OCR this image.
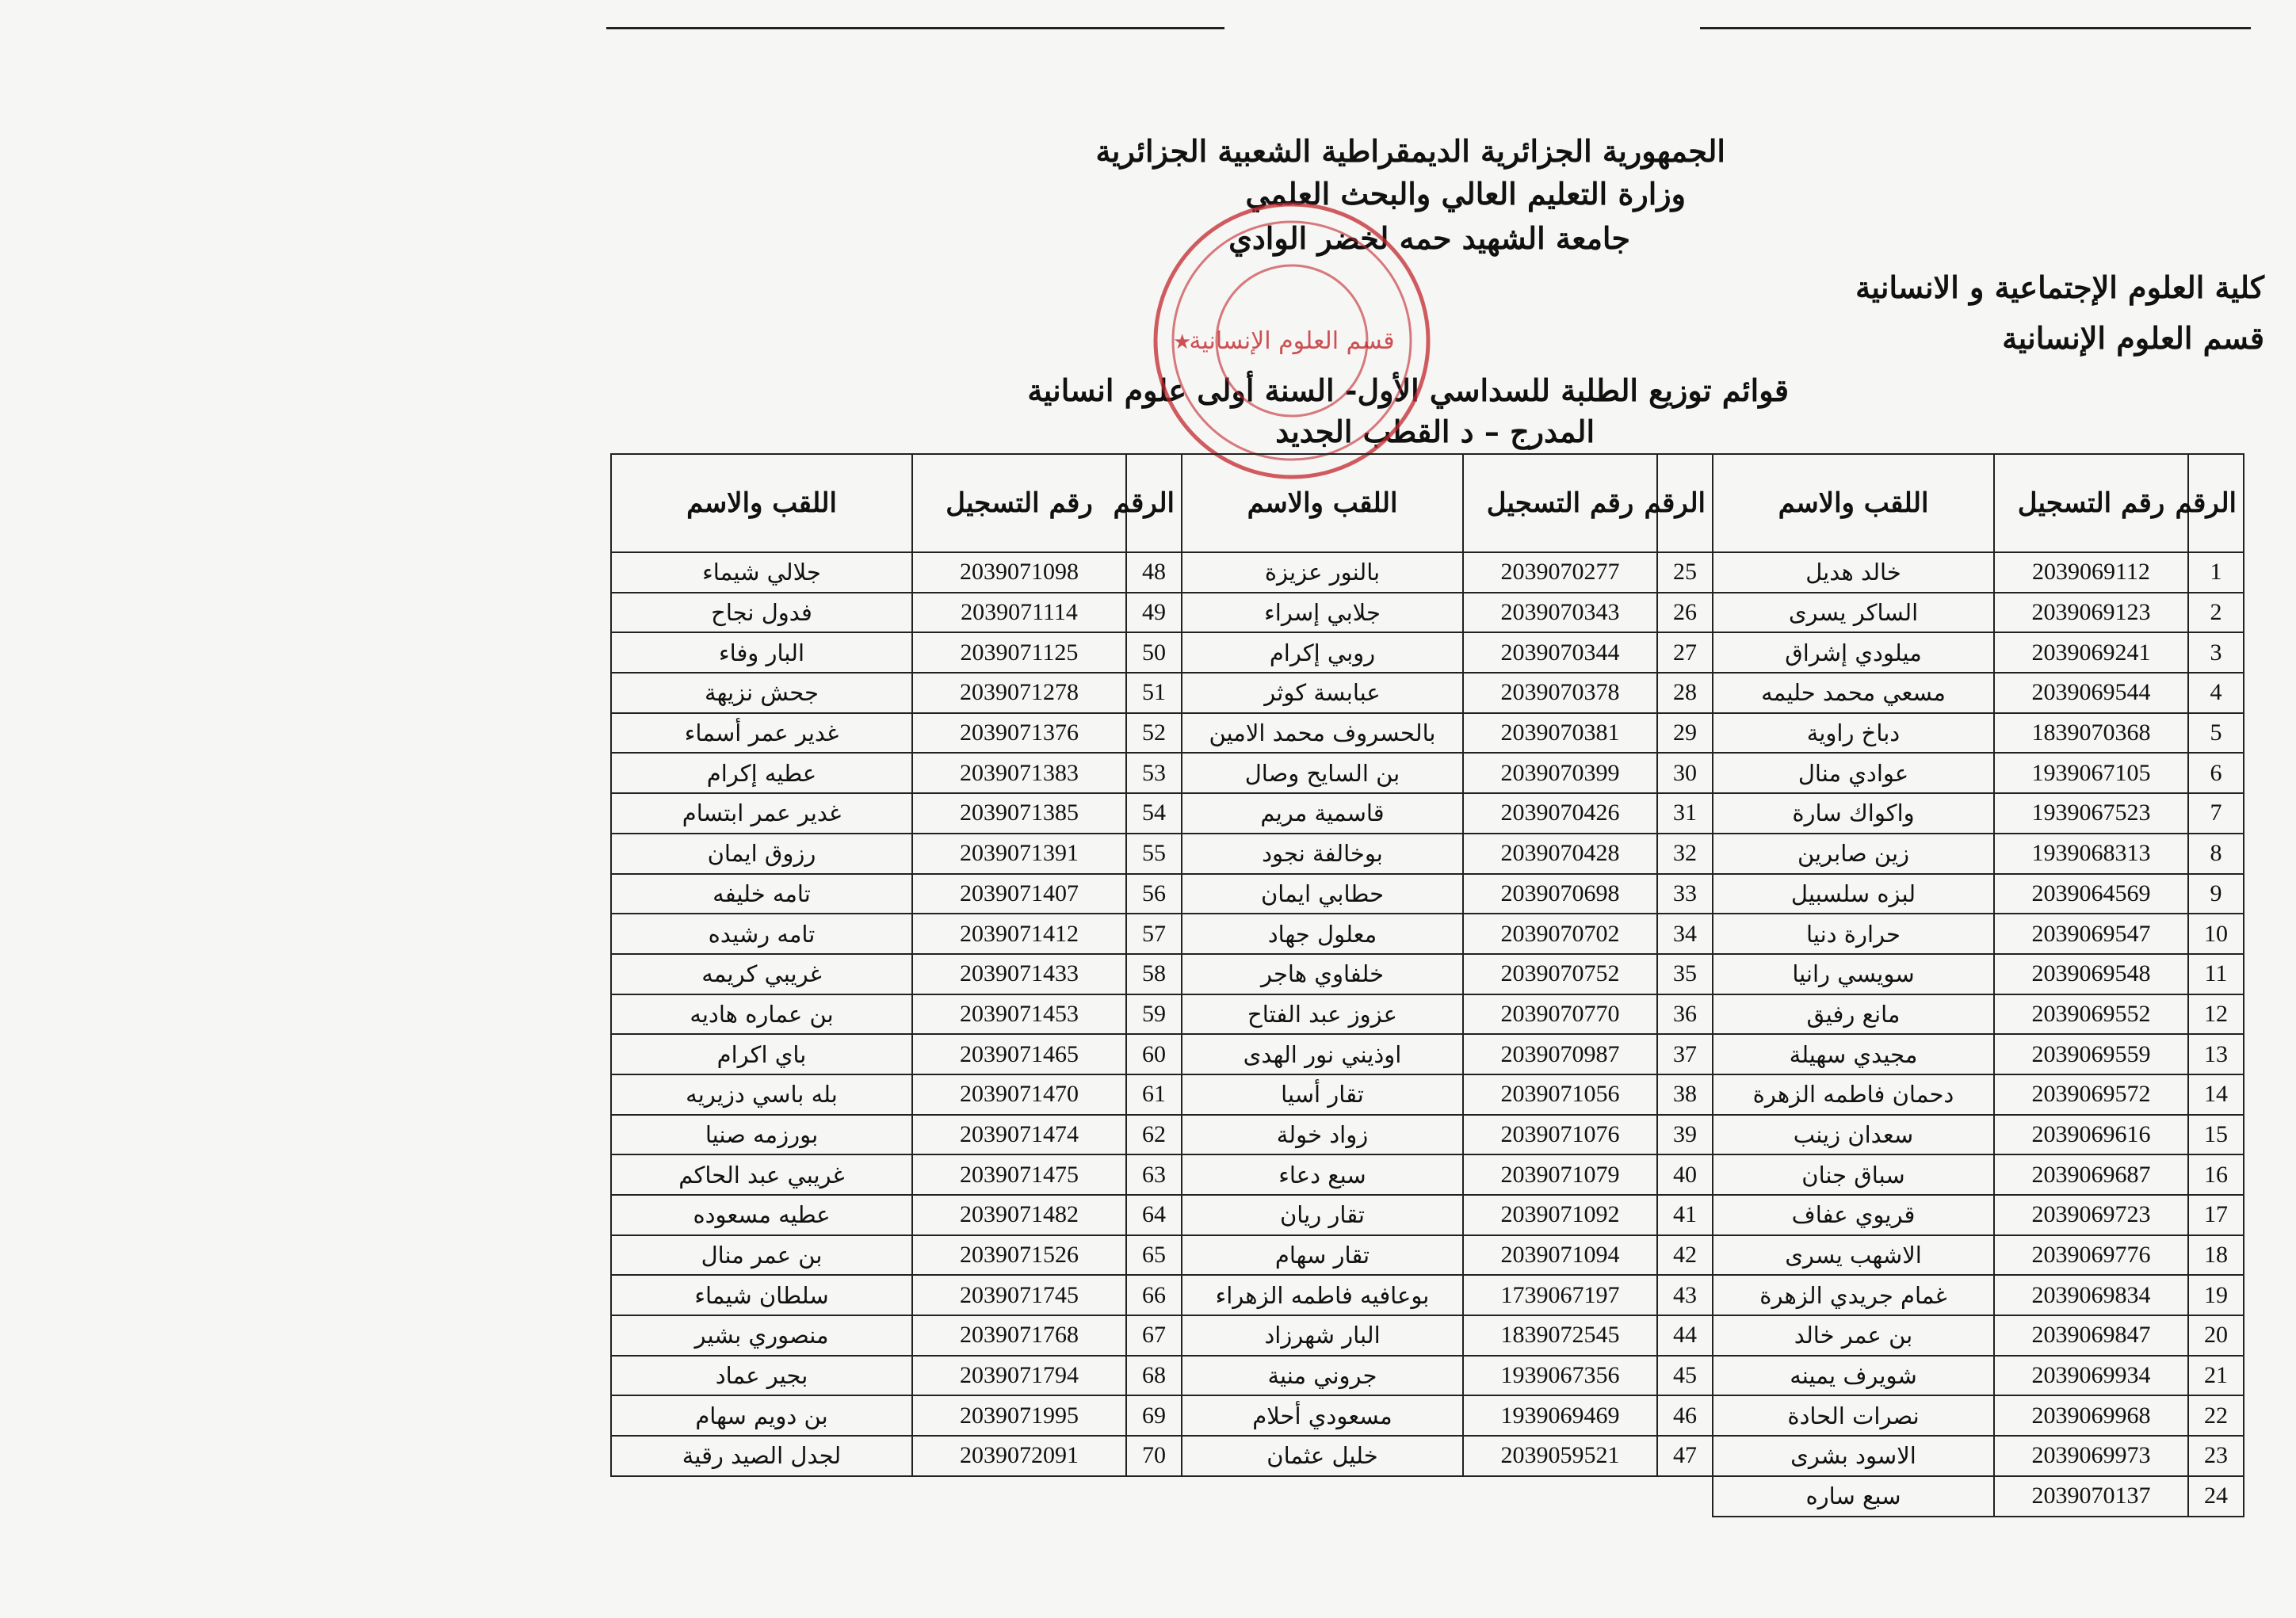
الجمهورية الجزائرية الديمقراطية الشعبية الجزائرية
وزارة التعليم العالي والبحث العلمي
جامعة الشهيد حمه لخضر الوادي
كلية العلوم الإجتماعية و الانسانية
قسم العلوم الإنسانية
قوائم توزيع الطلبة للسداسي الأول- السنة أولى علوم انسانية
المدرج – د القطب الجديد
قسم العلوم الإنسانية
★
الرقم	رقم التسجيل	اللقب والاسم	الرقم	رقم التسجيل	اللقب والاسم	الرقم	رقم التسجيل	اللقب والاسم
1	2039069112	خالد هديل	25	2039070277	بالنور عزيزة	48	2039071098	جلالي شيماء
2	2039069123	الساكر يسرى	26	2039070343	جلابي إسراء	49	2039071114	فدول نجاح
3	2039069241	ميلودي إشراق	27	2039070344	روبي إكرام	50	2039071125	البار وفاء
4	2039069544	مسعي محمد حليمه	28	2039070378	عبابسة كوثر	51	2039071278	جحش نزيهة
5	1839070368	دباخ راوية	29	2039070381	بالحسروف محمد الامين	52	2039071376	غدير عمر أسماء
6	1939067105	عوادي منال	30	2039070399	بن السايح وصال	53	2039071383	عطيه إكرام
7	1939067523	واكواك سارة	31	2039070426	قاسمية مريم	54	2039071385	غدير عمر ابتسام
8	1939068313	زين صابرين	32	2039070428	بوخالفة نجود	55	2039071391	رزوق ايمان
9	2039064569	لبزه سلسبيل	33	2039070698	حطابي ايمان	56	2039071407	تامه خليفه
10	2039069547	حرارة دنيا	34	2039070702	معلول جهاد	57	2039071412	تامه رشيده
11	2039069548	سويسي رانيا	35	2039070752	خلفاوي هاجر	58	2039071433	غريبي كريمه
12	2039069552	مانع رفيق	36	2039070770	عزوز عبد الفتاح	59	2039071453	بن عماره هاديه
13	2039069559	مجيدي سهيلة	37	2039070987	اوذيني نور الهدى	60	2039071465	باي اكرام
14	2039069572	دحمان فاطمه الزهرة	38	2039071056	تقار أسيا	61	2039071470	بله باسي دزيريه
15	2039069616	سعدان زينب	39	2039071076	زواد خولة	62	2039071474	بورزمه صنيا
16	2039069687	سباق جنان	40	2039071079	سبع دعاء	63	2039071475	غريبي عبد الحاكم
17	2039069723	قريوي عفاف	41	2039071092	تقار ريان	64	2039071482	عطيه مسعوده
18	2039069776	الاشهب يسرى	42	2039071094	تقار سهام	65	2039071526	بن عمر منال
19	2039069834	غمام جريدي الزهرة	43	1739067197	بوعافيه فاطمه الزهراء	66	2039071745	سلطان شيماء
20	2039069847	بن عمر خالد	44	1839072545	البار شهرزاد	67	2039071768	منصوري بشير
21	2039069934	شويرف يمينه	45	1939067356	جروني منية	68	2039071794	بجير عماد
22	2039069968	نصرات الحادة	46	1939069469	مسعودي أحلام	69	2039071995	بن دويم سهام
23	2039069973	الاسود بشرى	47	2039059521	خليل عثمان	70	2039072091	لجدل الصيد رقية
24	2039070137	سبع ساره						
